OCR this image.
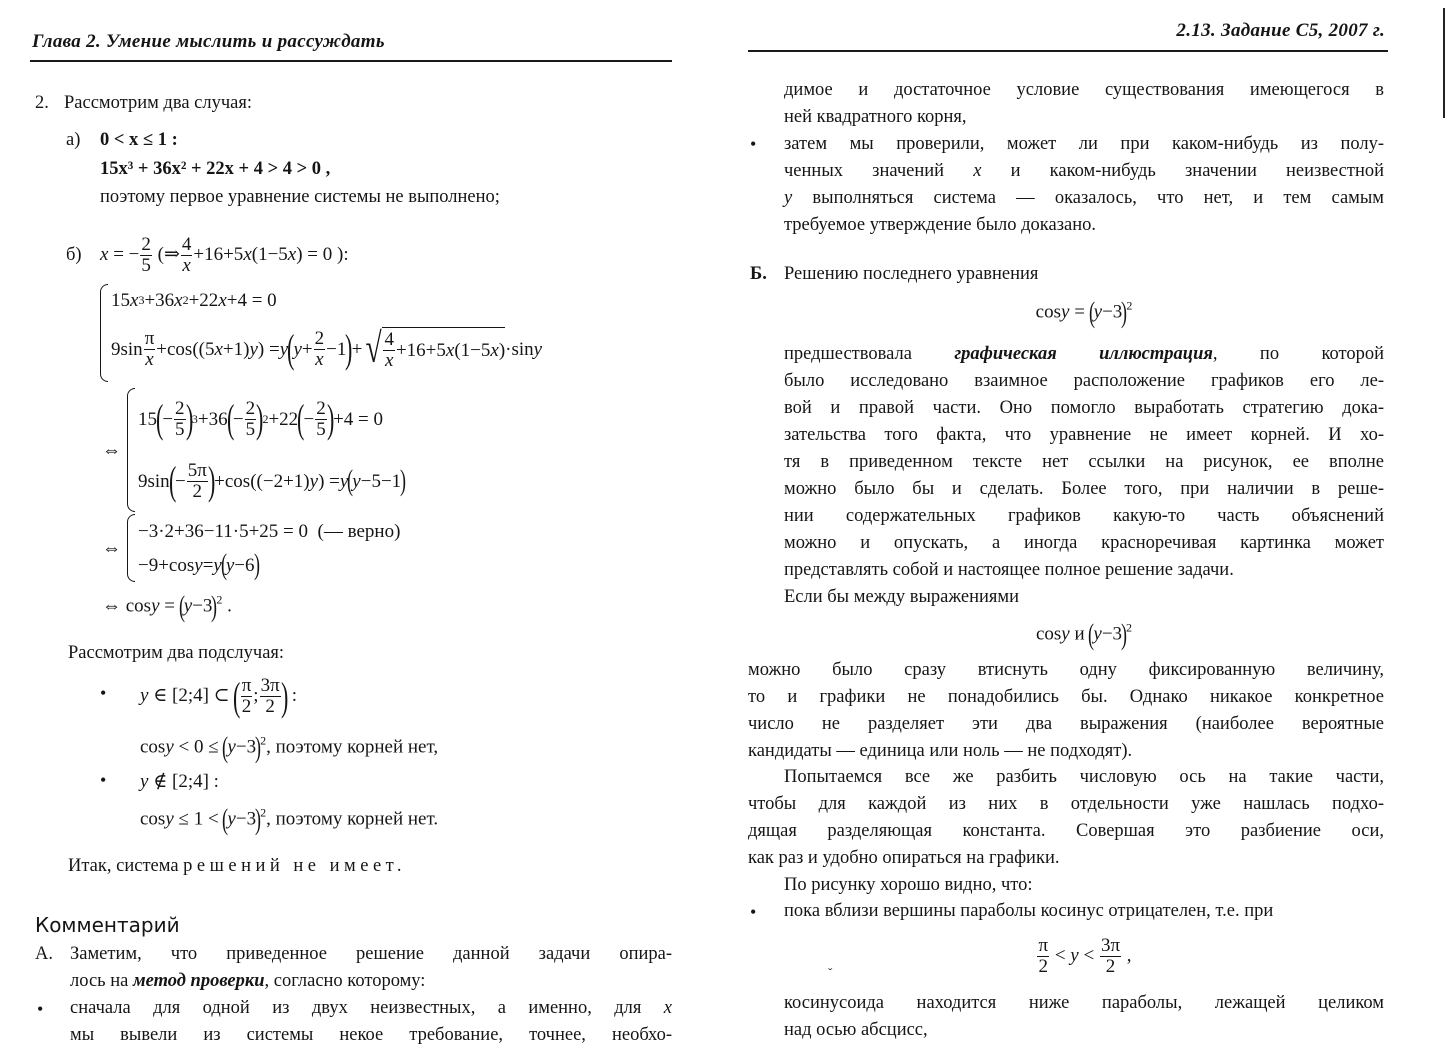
Глава 2. Умение мыслить и рассуждать
2. Рассмотрим два случая:
а) 0 < x ≤ 1 :
15x³ + 36x² + 22x + 4 > 4 > 0 ,
поэтому первое уравнение системы не выполнено;
б) x = − $\frac{2}{5}$ (⇒ $\frac{4}{x} +16+5x(1-5x) = 0$ ):
15 x 3 +36 x 2 +22 x +4 = 0
$9\sin \frac{\pi}{x} +\cos((5$ x +1) y ) = y
(
$y + \frac{2}{x} -1$
)
+ √ $\frac{4}{x} +16+5$ x (1−5 x ) ·sin y
⇔
15
(
− $\frac{2}{5}$ )
3 +36
(
− $\frac{2}{5}$ )
2 +22
(
− $\frac{2}{5}$ )
+4 = 0
9sin
(
− $\frac{5\pi}{2}$ )
+cos((−2+1) y ) = y ( y −5−1 )
⇔
−3·2+36−11·5+25 = 0 (— верно)
−9+cos y = y ( y −6 )
⇔ $\cos y = (y-3)^2$ .
Рассмотрим два подслучая:
• y ∈ [2;4] ⊂ ( $\frac{\pi}{2}$ ; $\frac{3\pi}{2}$ ) :
$\cos y < 0 \le (y-3)^2$, поэтому корней нет,
• y ∉ [2;4] :
$\cos y \le 1 < (y-3)^2$, поэтому корней нет.
Итак, система решений не имеет.
Комментарий
А. Заметим, что приведенное решение данной задачи опира-
лось на метод проверки, согласно которому:
• сначала для одной из двух неизвестных, а именно, для x
мы вывели из системы некое требование, точнее, необхо-
2.13. Задание С5, 2007 г.
димое и достаточное условие существования имеющегося в
ней квадратного корня,
• затем мы проверили, может ли при каком-нибудь из полу-
ченных значений x и каком-нибудь значении неизвестной
y выполняться система — оказалось, что нет, и тем самым
требуемое утверждение было доказано.
Б. Решению последнего уравнения
$\cos y = (y-3)^2$
предшествовала графическая иллюстрация, по которой
было исследовано взаимное расположение графиков его ле-
вой и правой части. Оно помогло выработать стратегию дока-
зательства того факта, что уравнение не имеет корней. И хо-
тя в приведенном тексте нет ссылки на рисунок, ее вполне
можно было бы и сделать. Более того, при наличии в реше-
нии содержательных графиков какую-то часть объяснений
можно и опускать, а иногда красноречивая картинка может
представлять собой и настоящее полное решение задачи.
Если бы между выражениями
cosy и $(y-3)^2$
можно было сразу втиснуть одну фиксированную величину,
то и графики не понадобились бы. Однако никакое конкретное
число не разделяет эти два выражения (наиболее вероятные
кандидаты — единица или ноль — не подходят).
Попытаемся все же разбить числовую ось на такие части,
чтобы для каждой из них в отдельности уже нашлась подхо-
дящая разделяющая константа. Совершая это разбиение оси,
как раз и удобно опираться на графики.
По рисунку хорошо видно, что:
• пока вблизи вершины параболы косинус отрицателен, т.е. при
$\frac{\pi}{2} < y < \frac{3\pi}{2}$ ,
ˇ
косинусоида находится ниже параболы, лежащей целиком
над осью абсцисс,
